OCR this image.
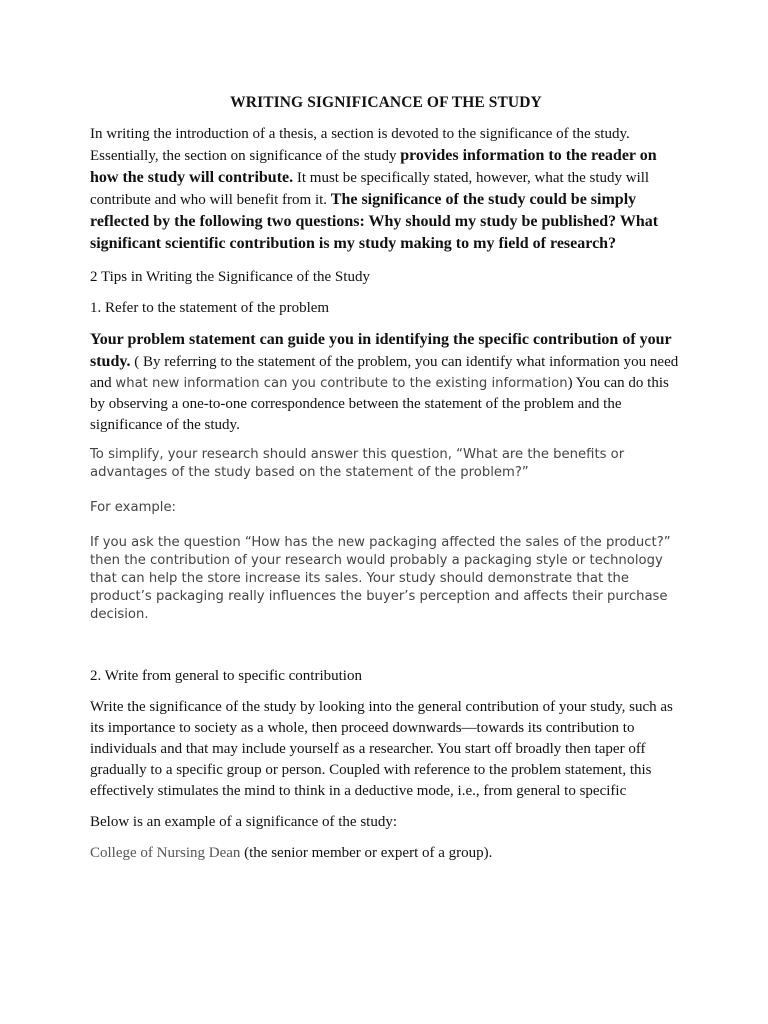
WRITING SIGNIFICANCE OF THE STUDY

In writing the introduction of a thesis, a section is devoted to the significance of the study. Essentially, the section on significance of the study provides information to the reader on how the study will contribute. It must be specifically stated, however, what the study will contribute and who will benefit from it. The significance of the study could be simply reflected by the following two questions: Why should my study be published? What significant scientific contribution is my study making to my field of research?

2 Tips in Writing the Significance of the Study

1. Refer to the statement of the problem

Your problem statement can guide you in identifying the specific contribution of your study. ( By referring to the statement of the problem, you can identify what information you need and what new information can you contribute to the existing information) You can do this by observing a one-to-one correspondence between the statement of the problem and the significance of the study.

To simplify, your research should answer this question, “What are the benefits or advantages of the study based on the statement of the problem?”

For example:

If you ask the question “How has the new packaging affected the sales of the product?” then the contribution of your research would probably a packaging style or technology that can help the store increase its sales. Your study should demonstrate that the product’s packaging really influences the buyer’s perception and affects their purchase decision.

2. Write from general to specific contribution

Write the significance of the study by looking into the general contribution of your study, such as its importance to society as a whole, then proceed downwards—towards its contribution to individuals and that may include yourself as a researcher. You start off broadly then taper off gradually to a specific group or person. Coupled with reference to the problem statement, this effectively stimulates the mind to think in a deductive mode, i.e., from general to specific

Below is an example of a significance of the study:

College of Nursing Dean (the senior member or expert of a group).
